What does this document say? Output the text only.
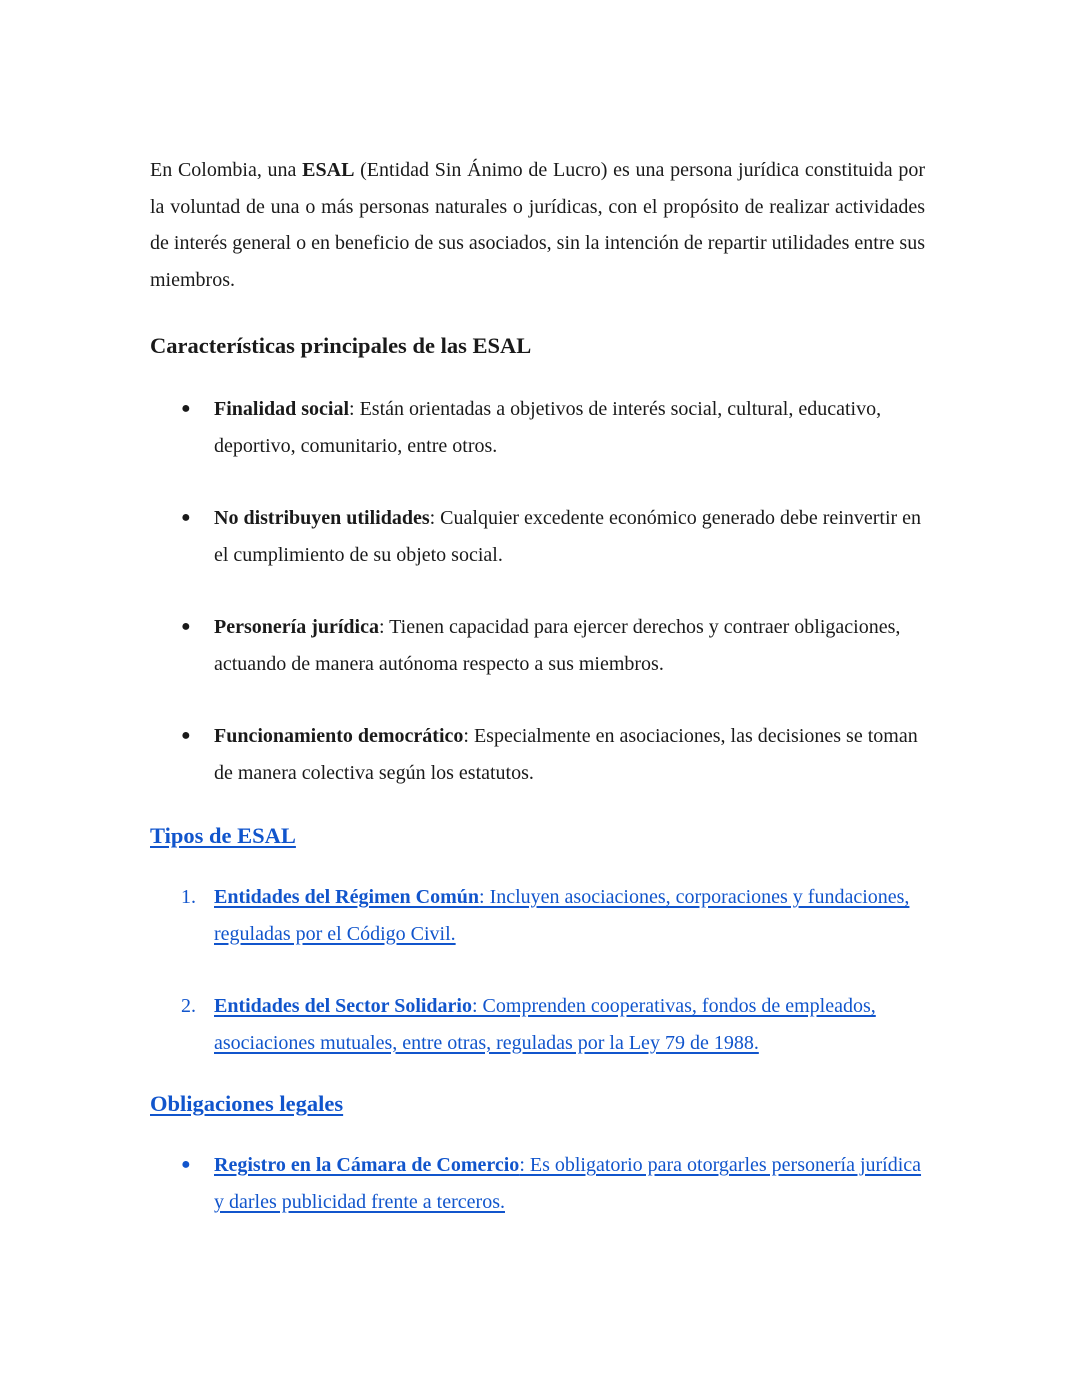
En Colombia, una ESAL (Entidad Sin Ánimo de Lucro) es una persona jurídica constituida por la voluntad de una o más personas naturales o jurídicas, con el propósito de realizar actividades de interés general o en beneficio de sus asociados, sin la intención de repartir utilidades entre sus miembros.

Características principales de las ESAL
● Finalidad social: Están orientadas a objetivos de interés social, cultural, educativo, deportivo, comunitario, entre otros.
● No distribuyen utilidades: Cualquier excedente económico generado debe reinvertir en el cumplimiento de su objeto social.
● Personería jurídica: Tienen capacidad para ejercer derechos y contraer obligaciones, actuando de manera autónoma respecto a sus miembros.
● Funcionamiento democrático: Especialmente en asociaciones, las decisiones se toman de manera colectiva según los estatutos.
Tipos de ESAL
1. Entidades del Régimen Común: Incluyen asociaciones, corporaciones y fundaciones, reguladas por el Código Civil.
2. Entidades del Sector Solidario: Comprenden cooperativas, fondos de empleados, asociaciones mutuales, entre otras, reguladas por la Ley 79 de 1988.
Obligaciones legales
● Registro en la Cámara de Comercio: Es obligatorio para otorgarles personería jurídica y darles publicidad frente a terceros.
